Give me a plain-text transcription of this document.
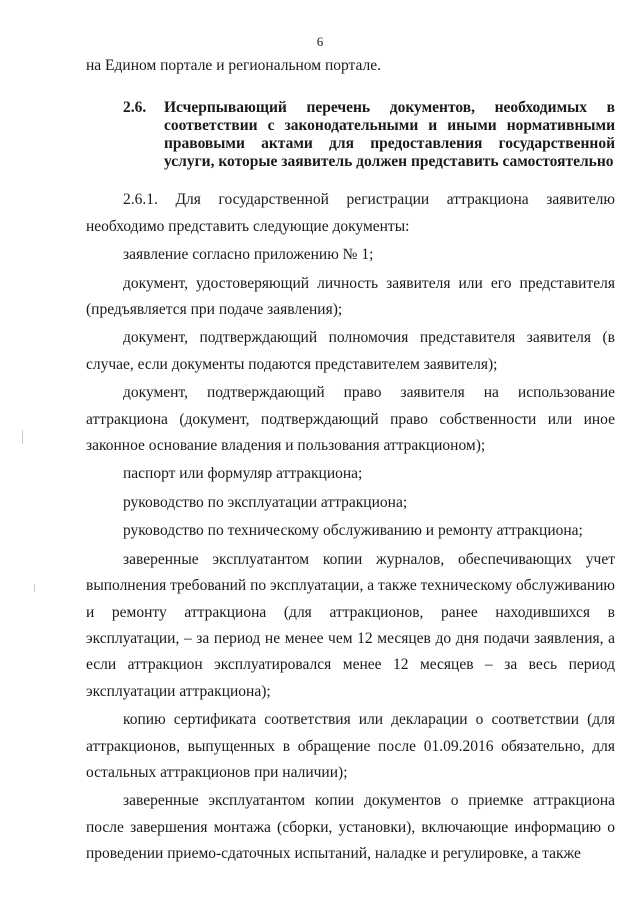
6

на Едином портале и региональном портале.

2.6.	Исчерпывающий перечень документов, необходимых в соответствии с законодательными и иными нормативными правовыми актами для предоставления государственной услуги, которые заявитель должен представить самостоятельно

2.6.1. Для государственной регистрации аттракциона заявителю необходимо представить следующие документы:

заявление согласно приложению № 1;

документ, удостоверяющий личность заявителя или его представителя (предъявляется при подаче заявления);

документ, подтверждающий полномочия представителя заявителя (в случае, если документы подаются представителем заявителя);

документ, подтверждающий право заявителя на использование аттракциона (документ, подтверждающий право собственности или иное законное основание владения и пользования аттракционом);

паспорт или формуляр аттракциона;

руководство по эксплуатации аттракциона;

руководство по техническому обслуживанию и ремонту аттракциона;

заверенные эксплуатантом копии журналов, обеспечивающих учет выполнения требований по эксплуатации, а также техническому обслуживанию и ремонту аттракциона (для аттракционов, ранее находившихся в эксплуатации, – за период не менее чем 12 месяцев до дня подачи заявления, а если аттракцион эксплуатировался менее 12 месяцев – за весь период эксплуатации аттракциона);

копию сертификата соответствия или декларации о соответствии (для аттракционов, выпущенных в обращение после 01.09.2016 обязательно, для остальных аттракционов при наличии);

заверенные эксплуатантом копии документов о приемке аттракциона после завершения монтажа (сборки, установки), включающие информацию о проведении приемо-сдаточных испытаний, наладке и регулировке, а также
